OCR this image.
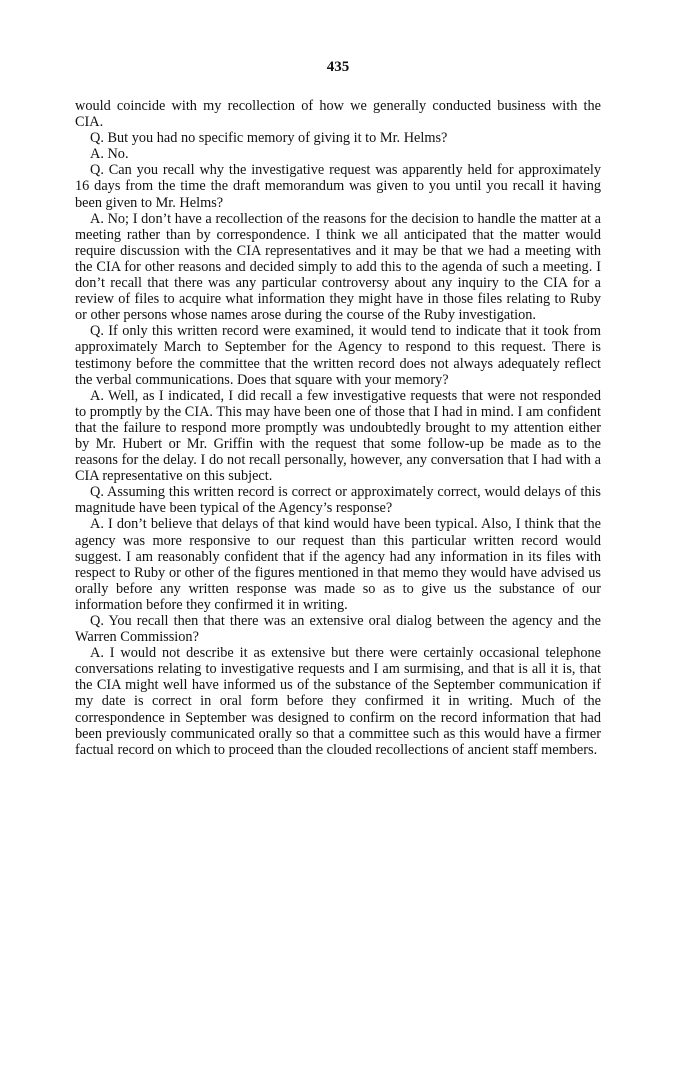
435

would coincide with my recollection of how we generally conducted business with the CIA.

Q. But you had no specific memory of giving it to Mr. Helms?

A. No.

Q. Can you recall why the investigative request was apparently held for approximately 16 days from the time the draft memorandum was given to you until you recall it having been given to Mr. Helms?

A. No; I don’t have a recollection of the reasons for the decision to handle the matter at a meeting rather than by correspondence. I think we all anticipated that the matter would require discussion with the CIA representatives and it may be that we had a meeting with the CIA for other reasons and decided simply to add this to the agenda of such a meeting. I don’t recall that there was any particular controversy about any inquiry to the CIA for a review of files to acquire what information they might have in those files relating to Ruby or other persons whose names arose during the course of the Ruby investigation.

Q. If only this written record were examined, it would tend to indicate that it took from approximately March to September for the Agency to respond to this request. There is testimony before the committee that the written record does not always adequately reflect the verbal communications. Does that square with your memory?

A. Well, as I indicated, I did recall a few investigative requests that were not responded to promptly by the CIA. This may have been one of those that I had in mind. I am confident that the failure to respond more promptly was undoubtedly brought to my attention either by Mr. Hubert or Mr. Griffin with the request that some follow-up be made as to the reasons for the delay. I do not recall personally, however, any conversation that I had with a CIA representative on this subject.

Q. Assuming this written record is correct or approximately correct, would delays of this magnitude have been typical of the Agency’s response?

A. I don’t believe that delays of that kind would have been typical. Also, I think that the agency was more responsive to our request than this particular written record would suggest. I am reasonably confident that if the agency had any information in its files with respect to Ruby or other of the figures mentioned in that memo they would have advised us orally before any written response was made so as to give us the substance of our information before they confirmed it in writing.

Q. You recall then that there was an extensive oral dialog between the agency and the Warren Commission?

A. I would not describe it as extensive but there were certainly occasional telephone conversations relating to investigative requests and I am surmising, and that is all it is, that the CIA might well have informed us of the substance of the September communication if my date is correct in oral form before they confirmed it in writing. Much of the correspondence in September was designed to confirm on the record information that had been previously communicated orally so that a committee such as this would have a firmer factual record on which to proceed than the clouded recollections of ancient staff members.
